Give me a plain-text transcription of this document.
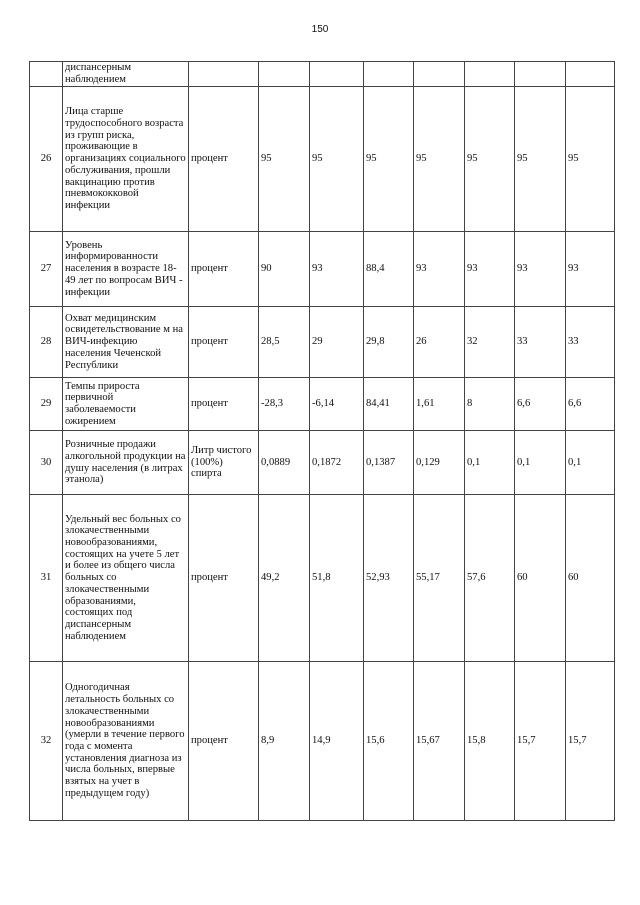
150
	диспансерным наблюдением								
26	Лица старше трудоспособного возраста из групп риска, проживающие в организациях социального обслуживания, прошли вакцинацию против пневмококковой инфекции	процент	95	95	95	95	95	95	95
27	Уровень информированности населения в возрасте 18-49 лет по вопросам ВИЧ - инфекции	процент	90	93	88,4	93	93	93	93
28	Охват медицинским освидетельствование м на ВИЧ-инфекцию населения Чеченской Республики	процент	28,5	29	29,8	26	32	33	33
29	Темпы прироста первичной заболеваемости ожирением	процент	-28,3	-6,14	84,41	1,61	8	6,6	6,6
30	Розничные продажи алкогольной продукции на душу населения (в литрах этанола)	Литр чистого (100%) спирта	0,0889	0,1872	0,1387	0,129	0,1	0,1	0,1
31	Удельный вес больных со злокачественными новообразованиями, состоящих на учете 5 лет и более из общего числа больных со злокачественными образованиями, состоящих под диспансерным наблюдением	процент	49,2	51,8	52,93	55,17	57,6	60	60
32	Одногодичная летальность больных со злокачественными новообразованиями (умерли в течение первого года с момента установления диагноза из числа больных, впервые взятых на учет в предыдущем году)	процент	8,9	14,9	15,6	15,67	15,8	15,7	15,7
